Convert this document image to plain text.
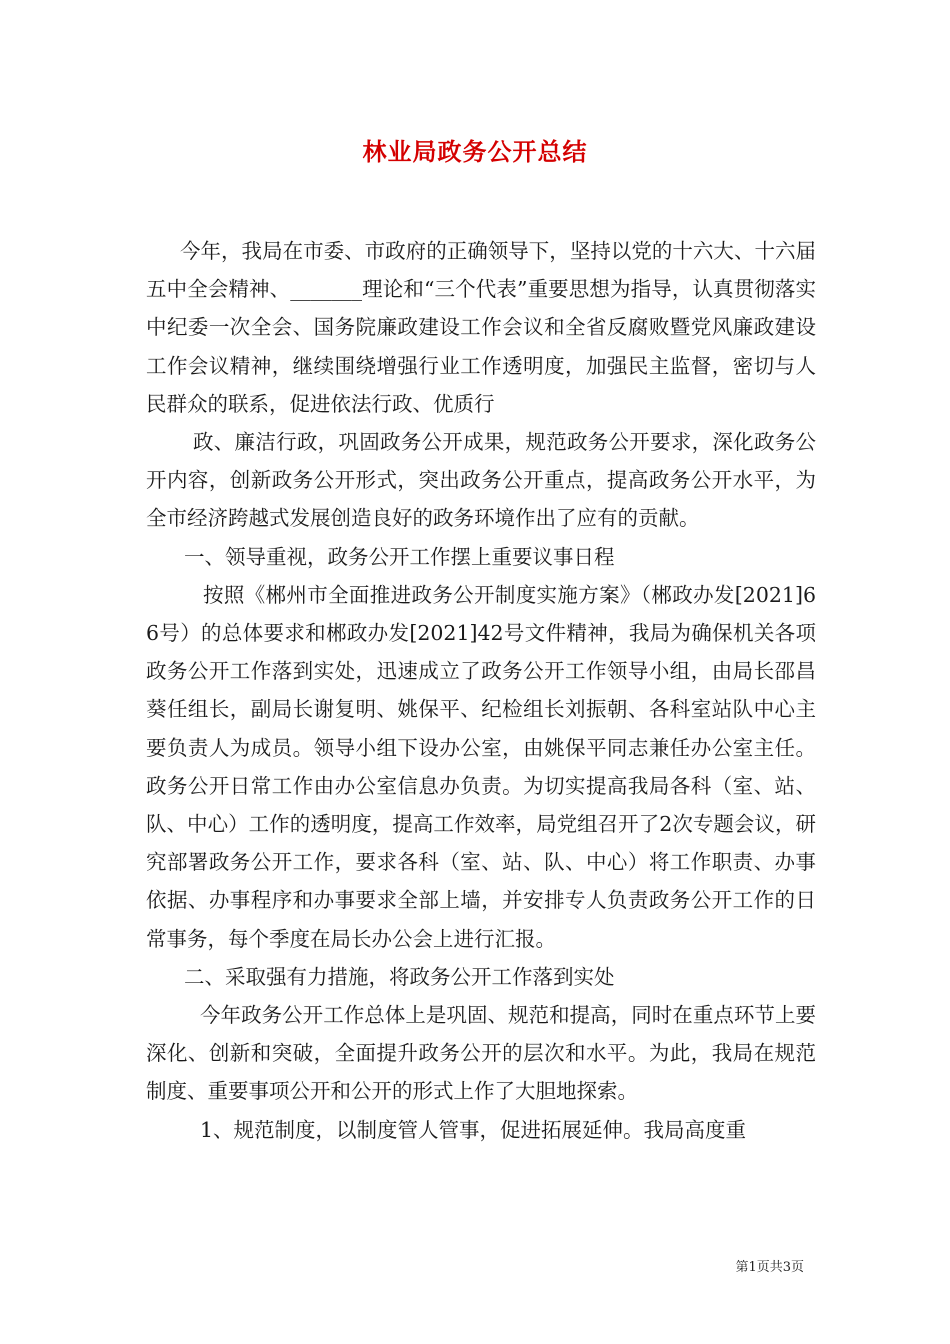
林业局政务公开总结

今年，我局在市委、市政府的正确领导下，坚持以党的十六大、十六届五中全会精神、_______理论和“三个代表”重要思想为指导，认真贯彻落实中纪委一次全会、国务院廉政建设工作会议和全省反腐败暨党风廉政建设工作会议精神，继续围绕增强行业工作透明度，加强民主监督，密切与人民群众的联系，促进依法行政、优质行

政、廉洁行政，巩固政务公开成果，规范政务公开要求，深化政务公开内容，创新政务公开形式，突出政务公开重点，提高政务公开水平，为全市经济跨越式发展创造良好的政务环境作出了应有的贡献。

一、领导重视，政务公开工作摆上重要议事日程

按照《郴州市全面推进政务公开制度实施方案》（郴政办发[2021]66号）的总体要求和郴政办发[2021]42号文件精神，我局为确保机关各项政务公开工作落到实处，迅速成立了政务公开工作领导小组，由局长邵昌葵任组长，副局长谢复明、姚保平、纪检组长刘振朝、各科室站队中心主要负责人为成员。领导小组下设办公室，由姚保平同志兼任办公室主任。政务公开日常工作由办公室信息办负责。为切实提高我局各科（室、站、队、中心）工作的透明度，提高工作效率，局党组召开了2次专题会议，研究部署政务公开工作，要求各科（室、站、队、中心）将工作职责、办事依据、办事程序和办事要求全部上墙，并安排专人负责政务公开工作的日常事务，每个季度在局长办公会上进行汇报。

二、采取强有力措施，将政务公开工作落到实处

今年政务公开工作总体上是巩固、规范和提高，同时在重点环节上要深化、创新和突破，全面提升政务公开的层次和水平。为此，我局在规范制度、重要事项公开和公开的形式上作了大胆地探索。

1、规范制度，以制度管人管事，促进拓展延伸。我局高度重

第1页共3页
